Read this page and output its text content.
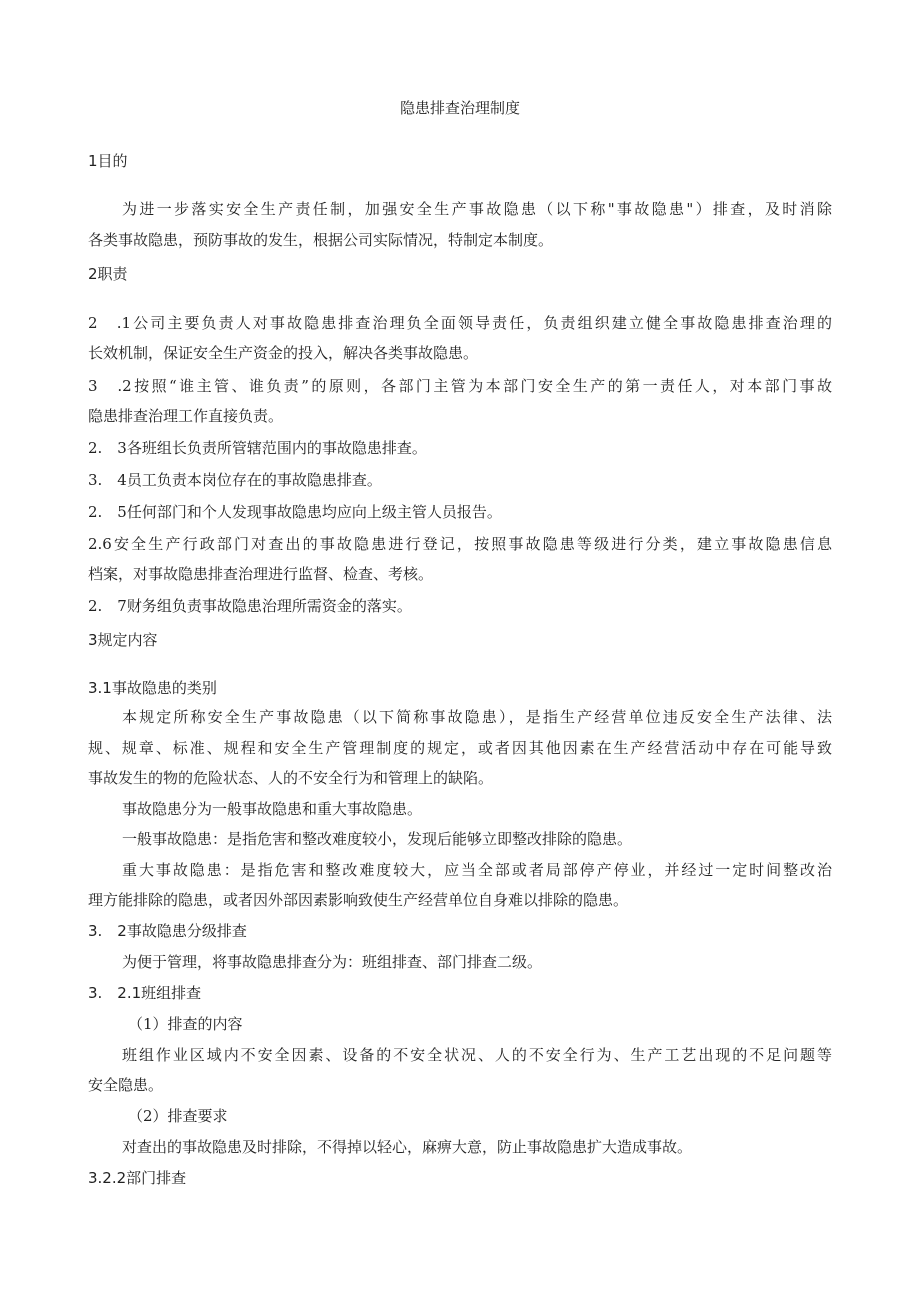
隐患排查治理制度
1目的
为进一步落实安全生产责任制，加强安全生产事故隐患（以下称"事故隐患"）排查，及时消除
各类事故隐患，预防事故的发生，根据公司实际情况，特制定本制度。
2职责
2　.1公司主要负责人对事故隐患排查治理负全面领导责任，负责组织建立健全事故隐患排查治理的
长效机制，保证安全生产资金的投入，解决各类事故隐患。
3　.2按照“谁主管、谁负责”的原则，各部门主管为本部门安全生产的第一责任人，对本部门事故
隐患排查治理工作直接负责。
2.　3各班组长负责所管辖范围内的事故隐患排查。
3.　4员工负责本岗位存在的事故隐患排查。
2.　5任何部门和个人发现事故隐患均应向上级主管人员报告。
2.6安全生产行政部门对查出的事故隐患进行登记，按照事故隐患等级进行分类，建立事故隐患信息
档案，对事故隐患排查治理进行监督、检查、考核。
2.　7财务组负责事故隐患治理所需资金的落实。
3规定内容
3.1事故隐患的类别
本规定所称安全生产事故隐患（以下简称事故隐患），是指生产经营单位违反安全生产法律、法
规、规章、标准、规程和安全生产管理制度的规定，或者因其他因素在生产经营活动中存在可能导致
事故发生的物的危险状态、人的不安全行为和管理上的缺陷。
事故隐患分为一般事故隐患和重大事故隐患。
一般事故隐患：是指危害和整改难度较小，发现后能够立即整改排除的隐患。
重大事故隐患：是指危害和整改难度较大，应当全部或者局部停产停业，并经过一定时间整改治
理方能排除的隐患，或者因外部因素影响致使生产经营单位自身难以排除的隐患。
3.　2事故隐患分级排查
为便于管理，将事故隐患排查分为：班组排查、部门排查二级。
3.　2.1班组排查
（1）排查的内容
班组作业区域内不安全因素、设备的不安全状况、人的不安全行为、生产工艺出现的不足问题等
安全隐患。
（2）排查要求
对查出的事故隐患及时排除，不得掉以轻心，麻痹大意，防止事故隐患扩大造成事故。
3.2.2部门排查
